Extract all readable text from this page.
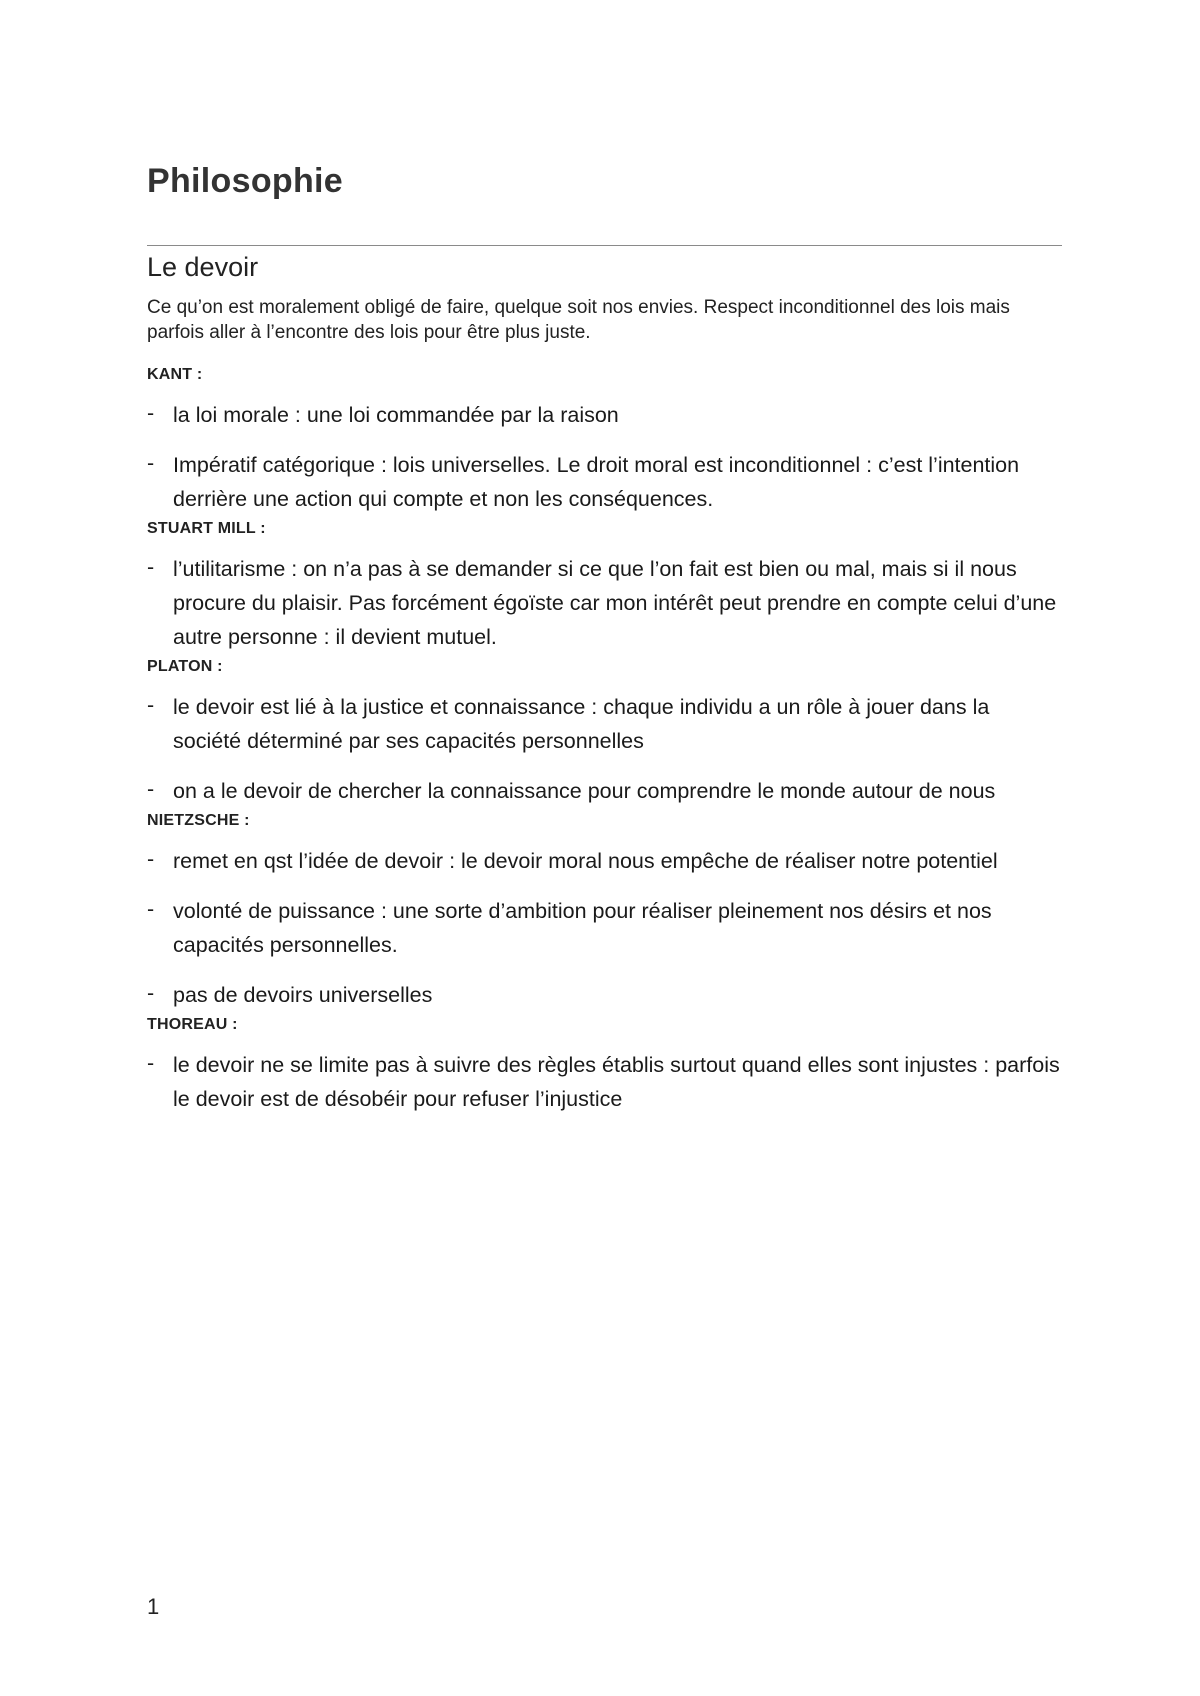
Philosophie
Le devoir

Ce qu’on est moralement obligé de faire, quelque soit nos envies. Respect inconditionnel des lois mais parfois aller à l’encontre des lois pour être plus juste.

KANT :

- la loi morale : une loi commandée par la raison
- Impératif catégorique : lois universelles. Le droit moral est inconditionnel : c’est l’intention derrière une action qui compte et non les conséquences.

STUART MILL :

- l’utilitarisme : on n’a pas à se demander si ce que l’on fait est bien ou mal, mais si il nous procure du plaisir. Pas forcément égoïste car mon intérêt peut prendre en compte celui d’une autre personne : il devient mutuel.

PLATON :

- le devoir est lié à la justice et connaissance : chaque individu a un rôle à jouer dans la société déterminé par ses capacités personnelles
- on a le devoir de chercher la connaissance pour comprendre le monde autour de nous

NIETZSCHE :

- remet en qst l’idée de devoir : le devoir moral nous empêche de réaliser notre potentiel
- volonté de puissance : une sorte d’ambition pour réaliser pleinement nos désirs et nos capacités personnelles.
- pas de devoirs universelles

THOREAU :

- le devoir ne se limite pas à suivre des règles établis surtout quand elles sont injustes : parfois le devoir est de désobéir pour refuser l’injustice
1
